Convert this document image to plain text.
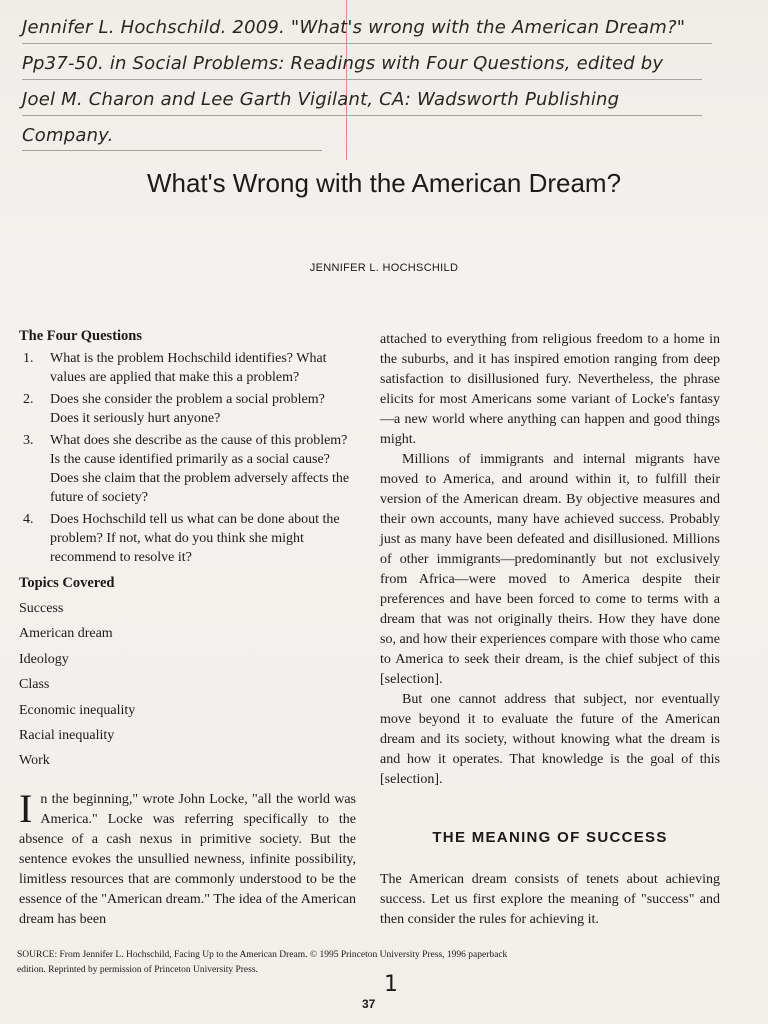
Jennifer L. Hochschild. 2009. "What's wrong with the American Dream?"
Pp37-50. in Social Problems: Readings with Four Questions, edited by
Joel M. Charon and Lee Garth Vigilant, CA: Wadsworth Publishing
Company.
What's Wrong with the American Dream?
JENNIFER L. HOCHSCHILD
The Four Questions
1. What is the problem Hochschild identifies? What values are applied that make this a problem?
2. Does she consider the problem a social problem? Does it seriously hurt anyone?
3. What does she describe as the cause of this problem? Is the cause identified primarily as a social cause? Does she claim that the problem adversely affects the future of society?
4. Does Hochschild tell us what can be done about the problem? If not, what do you think she might recommend to resolve it?
Topics Covered
Success
American dream
Ideology
Class
Economic inequality
Racial inequality
Work
In the beginning," wrote John Locke, "all the world was America." Locke was referring specifically to the absence of a cash nexus in primitive society. But the sentence evokes the unsullied newness, infinite possibility, limitless resources that are commonly understood to be the essence of the "American dream." The idea of the American dream has been

attached to everything from religious freedom to a home in the suburbs, and it has inspired emotion ranging from deep satisfaction to disillusioned fury. Nevertheless, the phrase elicits for most Americans some variant of Locke's fantasy—a new world where anything can happen and good things might.

Millions of immigrants and internal migrants have moved to America, and around within it, to fulfill their version of the American dream. By objective measures and their own accounts, many have achieved success. Probably just as many have been defeated and disillusioned. Millions of other immigrants—predominantly but not exclusively from Africa—were moved to America despite their preferences and have been forced to come to terms with a dream that was not originally theirs. How they have done so, and how their experiences compare with those who came to America to seek their dream, is the chief subject of this [selection].

But one cannot address that subject, nor eventually move beyond it to evaluate the future of the American dream and its society, without knowing what the dream is and how it operates. That knowledge is the goal of this [selection].

THE MEANING OF SUCCESS

The American dream consists of tenets about achieving success. Let us first explore the meaning of "success" and then consider the rules for achieving it.

SOURCE: From Jennifer L. Hochschild, Facing Up to the American Dream. © 1995 Princeton University Press, 1996 paperback edition. Reprinted by permission of Princeton University Press.
1
37
